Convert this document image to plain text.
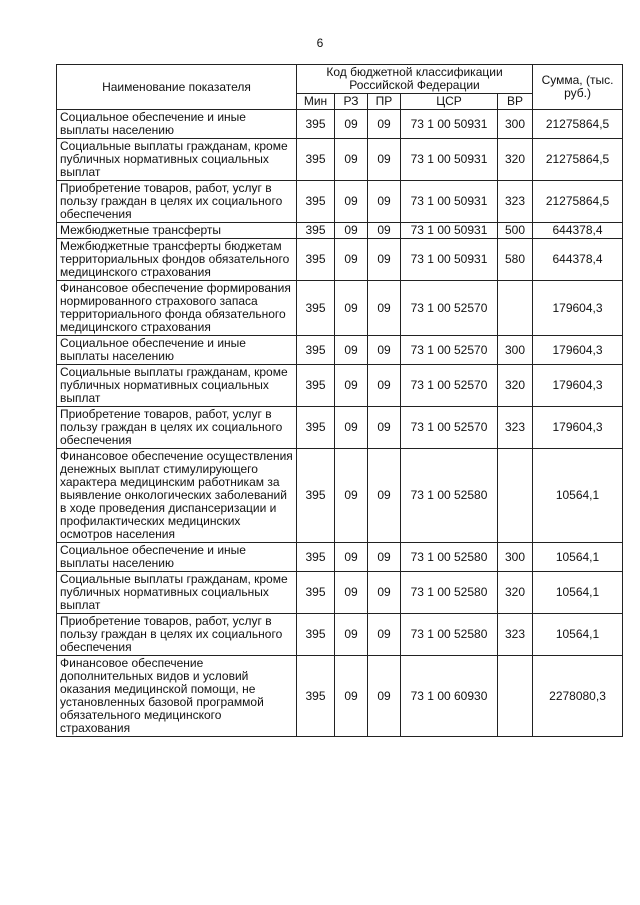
6
Наименование показателя	Код бюджетной классификации Российской Федерации					Сумма, (тыс. руб.)
	Мин	РЗ	ПР	ЦСР	ВР	
Социальное обеспечение и иные выплаты населению	395	09	09	73 1 00 50931	300	21275864,5
Социальные выплаты гражданам, кроме публичных нормативных социальных выплат	395	09	09	73 1 00 50931	320	21275864,5
Приобретение товаров, работ, услуг в пользу граждан в целях их социального обеспечения	395	09	09	73 1 00 50931	323	21275864,5
Межбюджетные трансферты	395	09	09	73 1 00 50931	500	644378,4
Межбюджетные трансферты бюджетам территориальных фондов обязательного медицинского страхования	395	09	09	73 1 00 50931	580	644378,4
Финансовое обеспечение формирования нормированного страхового запаса территориального фонда обязательного медицинского страхования	395	09	09	73 1 00 52570		179604,3
Социальное обеспечение и иные выплаты населению	395	09	09	73 1 00 52570	300	179604,3
Социальные выплаты гражданам, кроме публичных нормативных социальных выплат	395	09	09	73 1 00 52570	320	179604,3
Приобретение товаров, работ, услуг в пользу граждан в целях их социального обеспечения	395	09	09	73 1 00 52570	323	179604,3
Финансовое обеспечение осуществления денежных выплат стимулирующего характера медицинским работникам за выявление онкологических заболеваний в ходе проведения диспансеризации и профилактических медицинских осмотров населения	395	09	09	73 1 00 52580		10564,1
Социальное обеспечение и иные выплаты населению	395	09	09	73 1 00 52580	300	10564,1
Социальные выплаты гражданам, кроме публичных нормативных социальных выплат	395	09	09	73 1 00 52580	320	10564,1
Приобретение товаров, работ, услуг в пользу граждан в целях их социального обеспечения	395	09	09	73 1 00 52580	323	10564,1
Финансовое обеспечение дополнительных видов и условий оказания медицинской помощи, не установленных базовой программой обязательного медицинского страхования	395	09	09	73 1 00 60930		2278080,3
